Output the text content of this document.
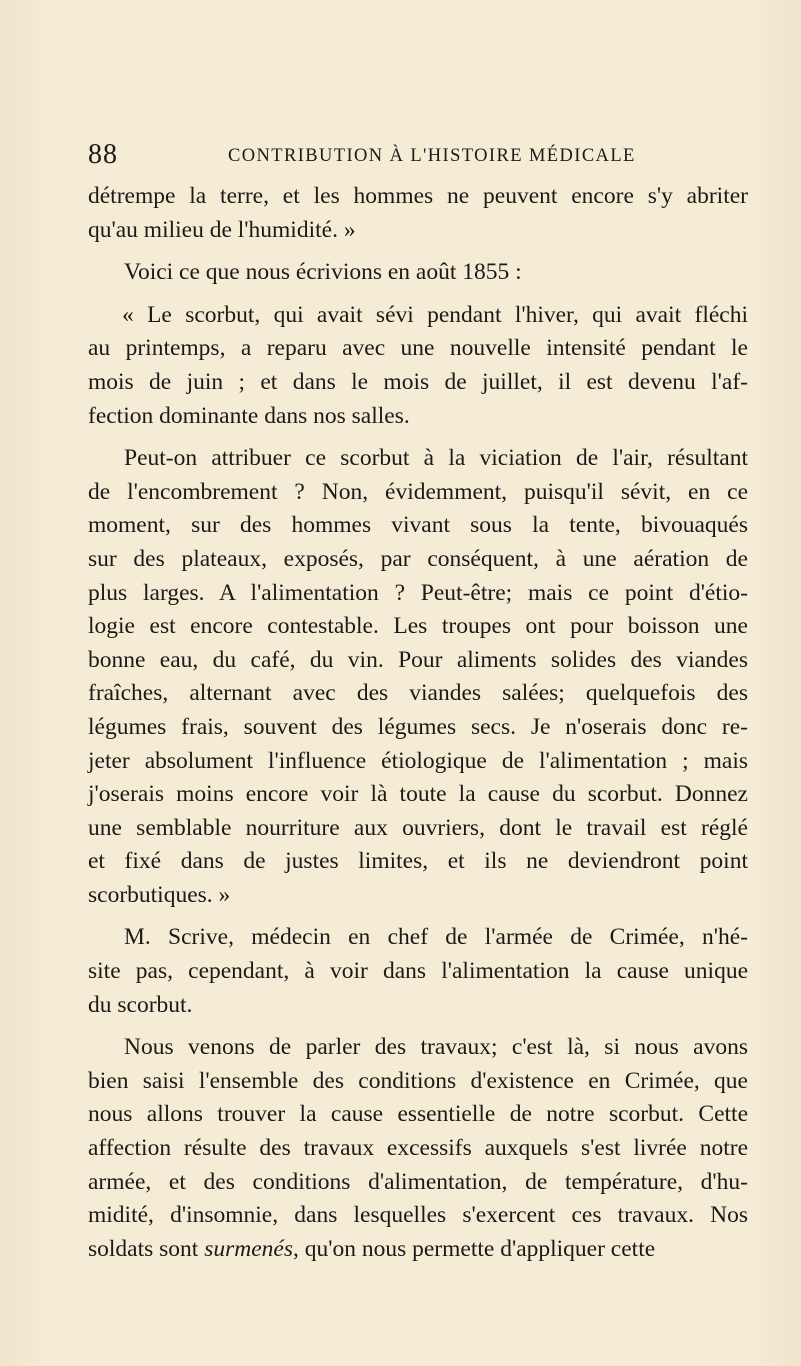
88	CONTRIBUTION À L'HISTOIRE MÉDICALE
détrempe la terre, et les hommes ne peuvent encore s'y abriter
qu'au milieu de l'humidité. »
Voici ce que nous écrivions en août 1855 :
« Le scorbut, qui avait sévi pendant l'hiver, qui avait fléchi
au printemps, a reparu avec une nouvelle intensité pendant le
mois de juin ; et dans le mois de juillet, il est devenu l'af-
fection dominante dans nos salles.
Peut-on attribuer ce scorbut à la viciation de l'air, résultant
de l'encombrement ? Non, évidemment, puisqu'il sévit, en ce
moment, sur des hommes vivant sous la tente, bivouaqués
sur des plateaux, exposés, par conséquent, à une aération de
plus larges. A l'alimentation ? Peut-être; mais ce point d'étio-
logie est encore contestable. Les troupes ont pour boisson une
bonne eau, du café, du vin. Pour aliments solides des viandes
fraîches, alternant avec des viandes salées; quelquefois des
légumes frais, souvent des légumes secs. Je n'oserais donc re-
jeter absolument l'influence étiologique de l'alimentation ; mais
j'oserais moins encore voir là toute la cause du scorbut. Donnez
une semblable nourriture aux ouvriers, dont le travail est réglé
et fixé dans de justes limites, et ils ne deviendront point
scorbutiques. »
M. Scrive, médecin en chef de l'armée de Crimée, n'hé-
site pas, cependant, à voir dans l'alimentation la cause unique
du scorbut.
Nous venons de parler des travaux; c'est là, si nous avons
bien saisi l'ensemble des conditions d'existence en Crimée, que
nous allons trouver la cause essentielle de notre scorbut. Cette
affection résulte des travaux excessifs auxquels s'est livrée notre
armée, et des conditions d'alimentation, de température, d'hu-
midité, d'insomnie, dans lesquelles s'exercent ces travaux. Nos
soldats sont surmenés, qu'on nous permette d'appliquer cette
